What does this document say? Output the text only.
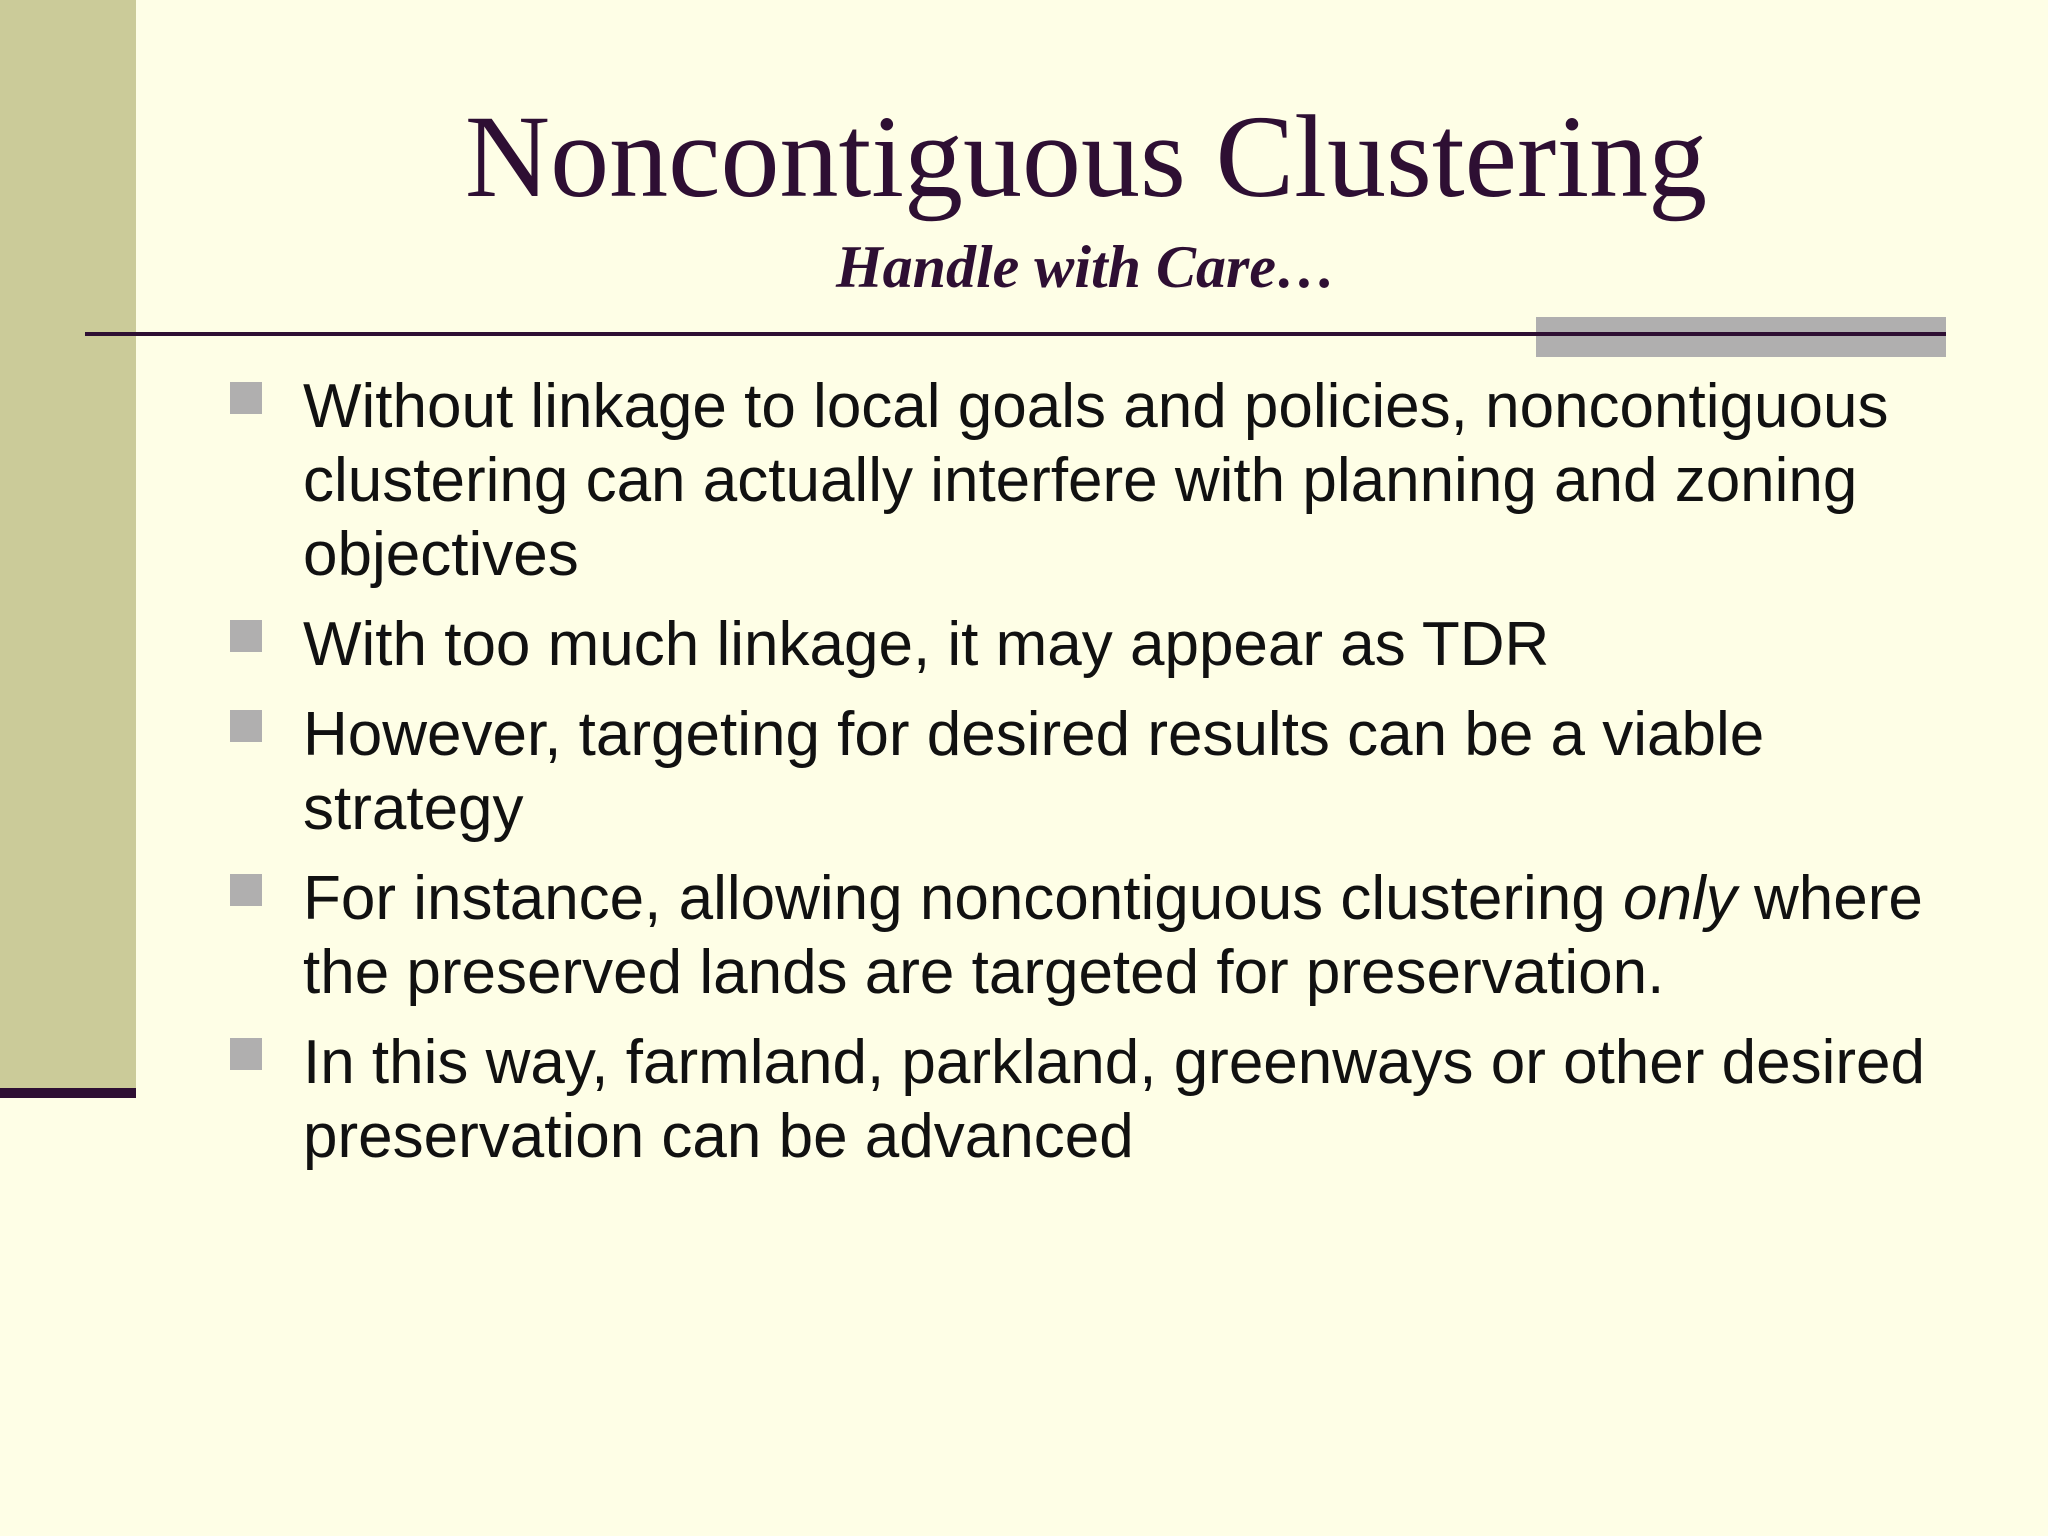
Noncontiguous Clustering
Handle with Care…
Without linkage to local goals and policies, noncontiguous clustering can actually interfere with planning and zoning objectives
With too much linkage, it may appear as TDR
However, targeting for desired results can be a viable strategy
For instance, allowing noncontiguous clustering only where the preserved lands are targeted for preservation.
In this way, farmland, parkland, greenways or other desired preservation can be advanced
